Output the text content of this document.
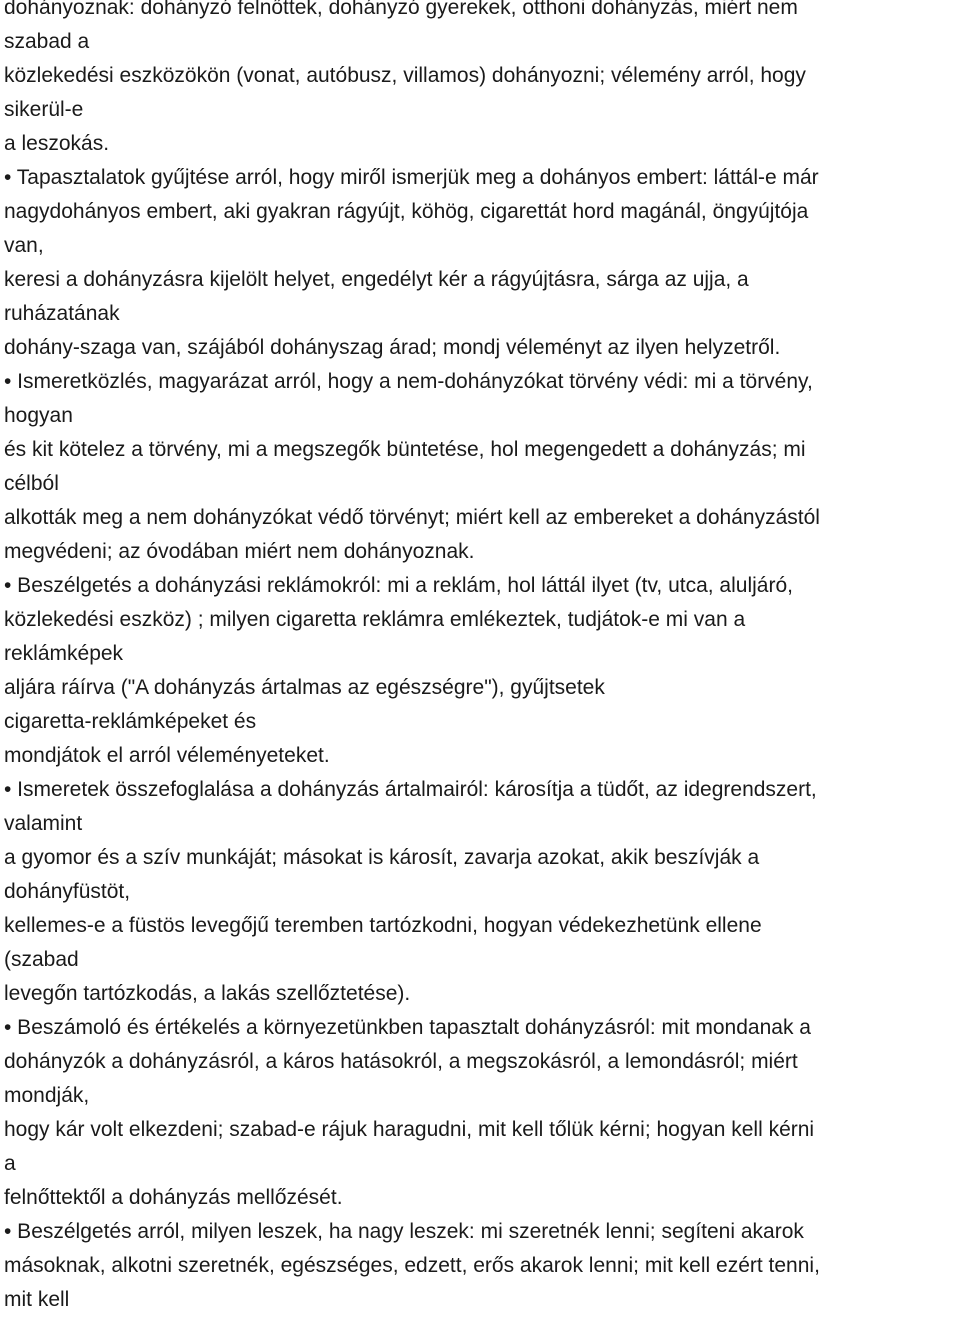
dohányoznak: dohányzó felnőttek, dohányzó gyerekek, otthoni dohányzás, miért nem
szabad a
közlekedési eszközökön (vonat, autóbusz, villamos) dohányozni; vélemény arról, hogy
sikerül-e
a leszokás.
• Tapasztalatok gyűjtése arról, hogy miről ismerjük meg a dohányos embert: láttál-e már
nagydohányos embert, aki gyakran rágyújt, köhög, cigarettát hord magánál, öngyújtója
van,
keresi a dohányzásra kijelölt helyet, engedélyt kér a rágyújtásra, sárga az ujja, a
ruházatának
dohány-szaga van, szájából dohányszag árad; mondj véleményt az ilyen helyzetről.
• Ismeretközlés, magyarázat arról, hogy a nem-dohányzókat törvény védi: mi a törvény,
hogyan
és kit kötelez a törvény, mi a megszegők büntetése, hol megengedett a dohányzás; mi
célból
alkották meg a nem dohányzókat védő törvényt; miért kell az embereket a dohányzástól
megvédeni; az óvodában miért nem dohányoznak.
• Beszélgetés a dohányzási reklámokról: mi a reklám, hol láttál ilyet (tv, utca, aluljáró,
közlekedési eszköz) ; milyen cigaretta reklámra emlékeztek, tudjátok-e mi van a
reklámképek
aljára ráírva ("A dohányzás ártalmas az egészségre"), gyűjtsetek
cigaretta-reklámképeket és
mondjátok el arról véleményeteket.
• Ismeretek összefoglalása a dohányzás ártalmairól: károsítja a tüdőt, az idegrendszert,
valamint
a gyomor és a szív munkáját; másokat is károsít, zavarja azokat, akik beszívják a
dohányfüstöt,
kellemes-e a füstös levegőjű teremben tartózkodni, hogyan védekezhetünk ellene
(szabad
levegőn tartózkodás, a lakás szellőztetése).
• Beszámoló és értékelés a környezetünkben tapasztalt dohányzásról: mit mondanak a
dohányzók a dohányzásról, a káros hatásokról, a megszokásról, a lemondásról; miért
mondják,
hogy kár volt elkezdeni; szabad-e rájuk haragudni, mit kell tőlük kérni; hogyan kell kérni
a
felnőttektől a dohányzás mellőzését.
• Beszélgetés arról, milyen leszek, ha nagy leszek: mi szeretnék lenni; segíteni akarok
másoknak, alkotni szeretnék, egészséges, edzett, erős akarok lenni; mit kell ezért tenni,
mit kell
